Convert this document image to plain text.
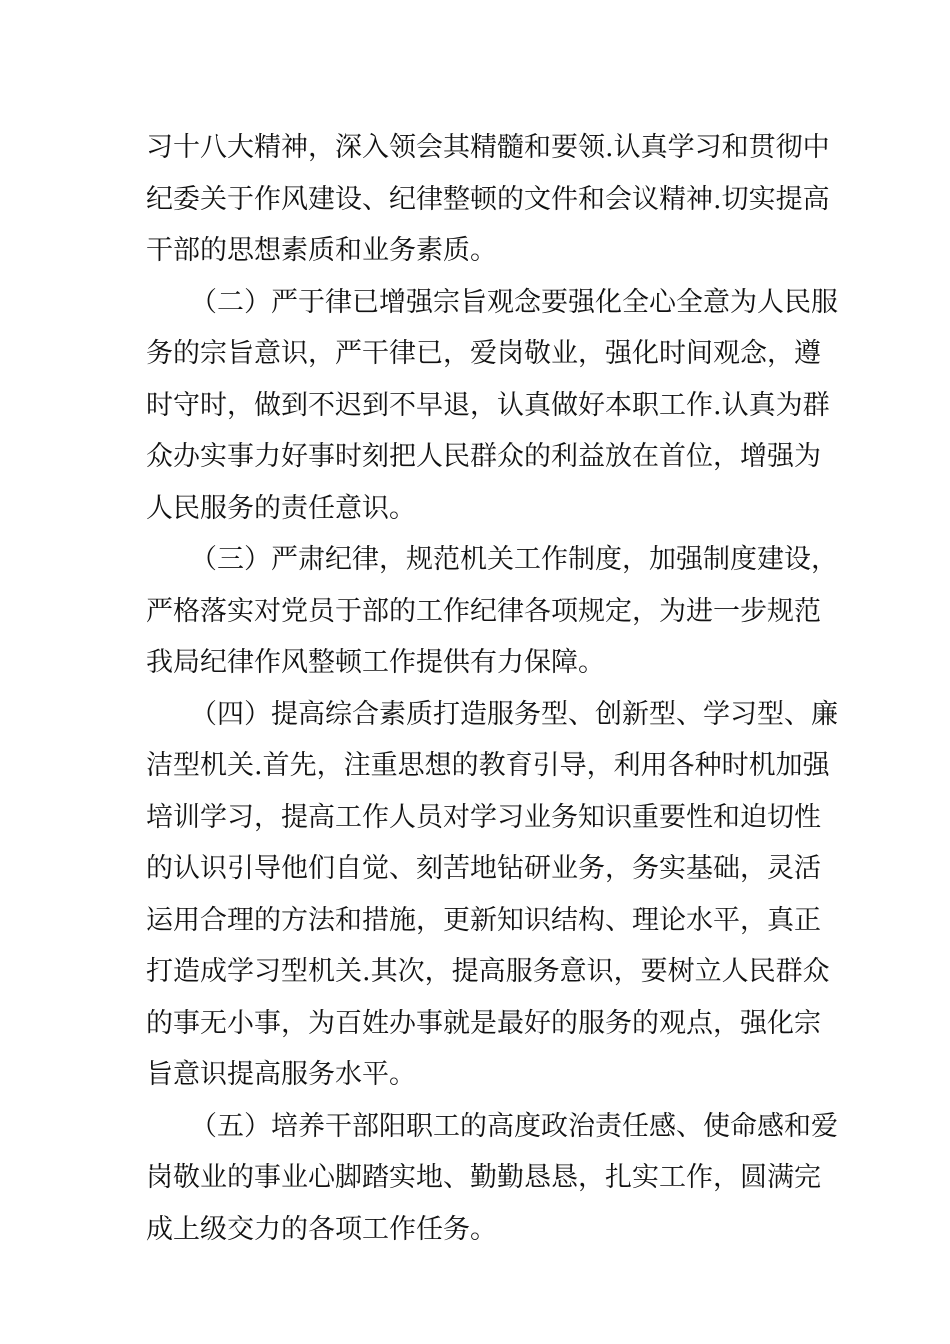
习十八大精神，深入领会其精髓和要领.认真学习和贯彻中
纪委关于作风建设、纪律整顿的文件和会议精神.切实提高
干部的思想素质和业务素质。
（二）严于律已增强宗旨观念要强化全心全意为人民服
务的宗旨意识，严干律已，爱岗敬业，强化时间观念，遵
时守时，做到不迟到不早退，认真做好本职工作.认真为群
众办实事力好事时刻把人民群众的利益放在首位，增强为
人民服务的责任意识。
（三）严肃纪律，规范机关工作制度，加强制度建设，
严格落实对党员于部的工作纪律各项规定，为进一步规范
我局纪律作风整顿工作提供有力保障。
（四）提高综合素质打造服务型、创新型、学习型、廉
洁型机关.首先，注重思想的教育引导，利用各种时机加强
培训学习，提高工作人员对学习业务知识重要性和迫切性
的认识引导他们自觉、刻苦地钻研业务，务实基础，灵活
运用合理的方法和措施，更新知识结构、理论水平，真正
打造成学习型机关.其次，提高服务意识，要树立人民群众
的事无小事，为百姓办事就是最好的服务的观点，强化宗
旨意识提高服务水平。
（五）培养干部阳职工的高度政治责任感、使命感和爱
岗敬业的事业心脚踏实地、勤勤恳恳，扎实工作，圆满完
成上级交力的各项工作任务。
